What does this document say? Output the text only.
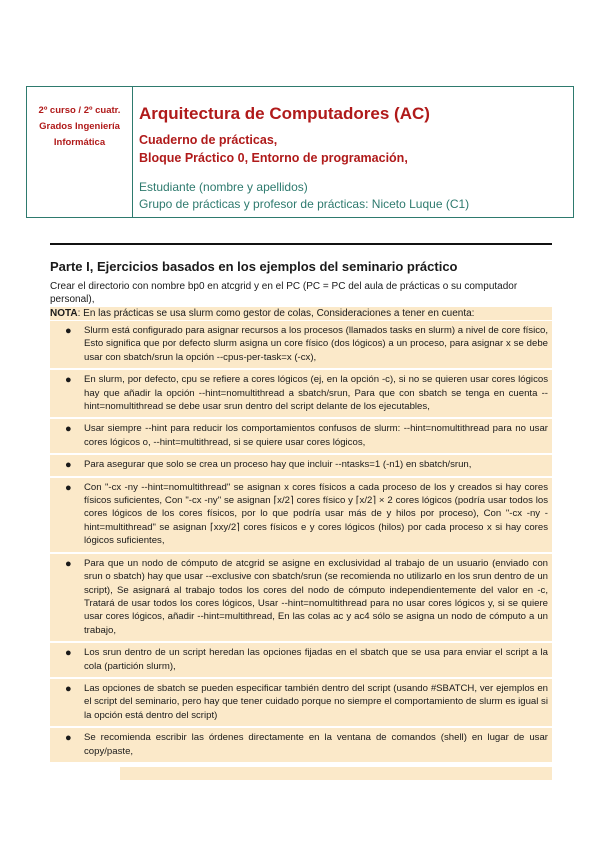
2º curso / 2º cuatr.
Grados Ingeniería
Informática
Arquitectura de Computadores (AC)
Cuaderno de prácticas,
Bloque Práctico 0, Entorno de programación,
Estudiante (nombre y apellidos)
Grupo de prácticas y profesor de prácticas: Niceto Luque (C1)
Parte I, Ejercicios basados en los ejemplos del seminario práctico
Crear el directorio con nombre bp0 en atcgrid y en el PC (PC = PC del aula de prácticas o su computador personal),
NOTA: En las prácticas se usa slurm como gestor de colas, Consideraciones a tener en cuenta:
● Slurm está configurado para asignar recursos a los procesos (llamados tasks en slurm) a nivel de core físico, Esto significa que por defecto slurm asigna un core físico (dos lógicos) a un proceso, para asignar x se debe usar con sbatch/srun la opción --cpus-per-task=x (-cx),
● En slurm, por defecto, cpu se refiere a cores lógicos (ej, en la opción -c), si no se quieren usar cores lógicos hay que añadir la opción --hint=nomultithread a sbatch/srun, Para que con sbatch se tenga en cuenta --hint=nomultithread se debe usar srun dentro del script delante de los ejecutables,
● Usar siempre --hint para reducir los comportamientos confusos de slurm: --hint=nomultithread para no usar cores lógicos o, --hint=multithread, si se quiere usar cores lógicos,
● Para asegurar que solo se crea un proceso hay que incluir --ntasks=1 (-n1) en sbatch/srun,
● Con "-cx -ny --hint=nomultithread" se asignan x cores físicos a cada proceso de los y creados si hay cores físicos suficientes, Con "-cx -ny" se asignan ⌈x/2⌉ cores físico y ⌈x/2⌉ × 2 cores lógicos (podría usar todos los cores lógicos de los cores físicos, por lo que podría usar más de y hilos por proceso), Con "-cx -ny -hint=multithread" se asignan ⌈xxy/2⌉ cores físicos e y cores lógicos (hilos) por cada proceso x si hay cores lógicos suficientes,
● Para que un nodo de cómputo de atcgrid se asigne en exclusividad al trabajo de un usuario (enviado con srun o sbatch) hay que usar --exclusive con sbatch/srun (se recomienda no utilizarlo en los srun dentro de un script), Se asignará al trabajo todos los cores del nodo de cómputo independientemente del valor en -c, Tratará de usar todos los cores lógicos, Usar --hint=nomultithread para no usar cores lógicos y, si se quiere usar cores lógicos, añadir --hint=multithread, En las colas ac y ac4 sólo se asigna un nodo de cómputo a un trabajo,
● Los srun dentro de un script heredan las opciones fijadas en el sbatch que se usa para enviar el script a la cola (partición slurm),
● Las opciones de sbatch se pueden especificar también dentro del script (usando #SBATCH, ver ejemplos en el script del seminario, pero hay que tener cuidado porque no siempre el comportamiento de slurm es igual si la opción está dentro del script)
● Se recomienda escribir las órdenes directamente en la ventana de comandos (shell) en lugar de usar copy/paste,
